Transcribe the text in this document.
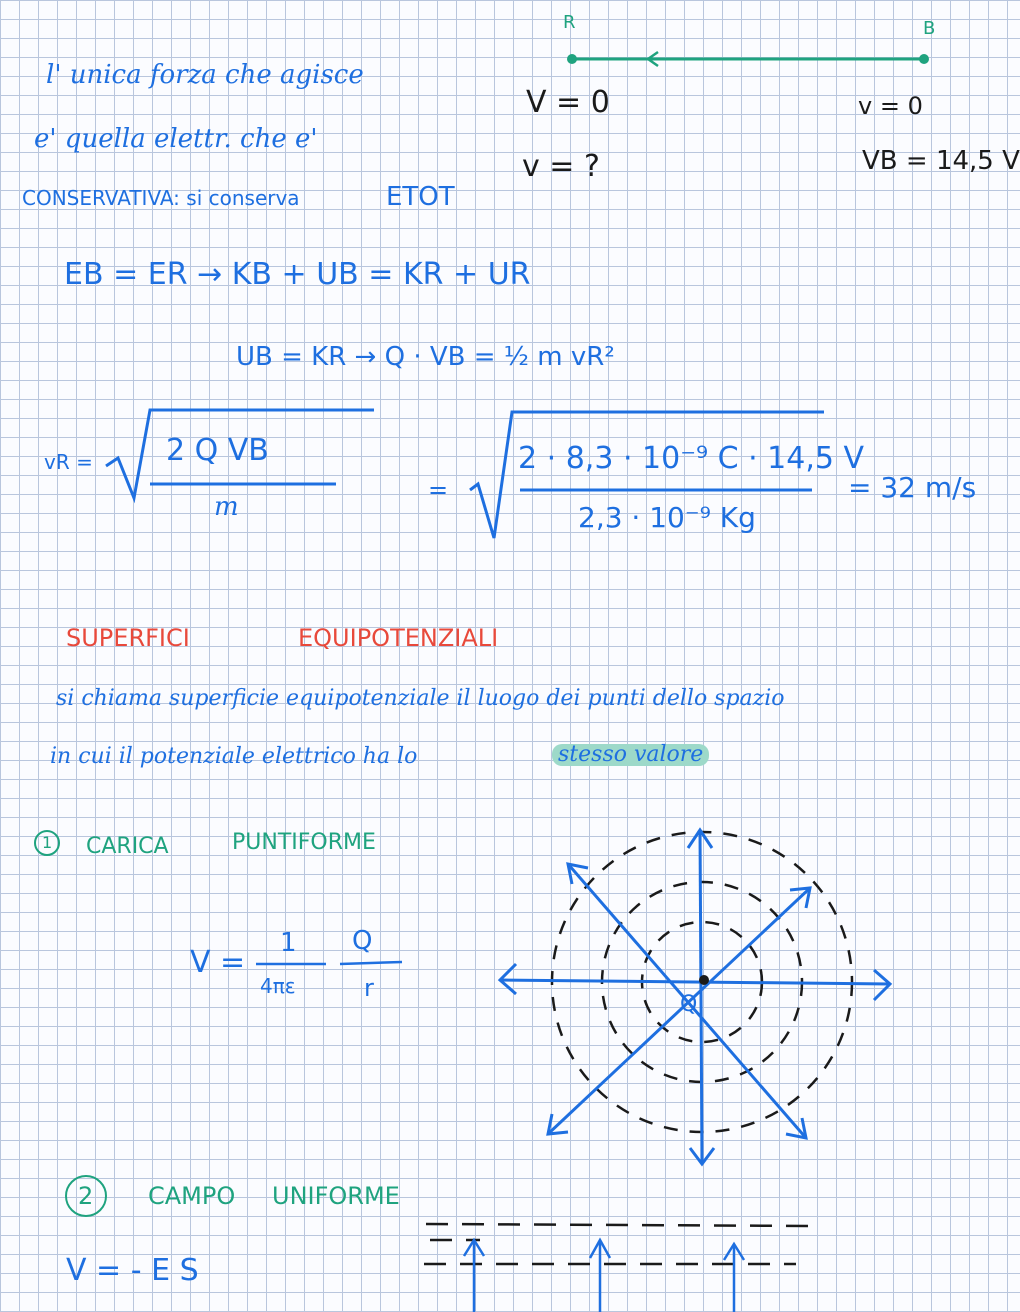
l' unica forza che agisce
e' quella elettr. che e'
CONSERVATIVA: si conserva	ETOT
R	B
V = 0
v = ?
v = 0
VB = 14,5 V
EB = ER → KB + UB = KR + UR
UB = KR → Q · VB = ½ m vR²
vR = 2 Q VB
m
=
2 · 8,3 · 10⁻⁹ C · 14,5 V
2,3 · 10⁻⁹ Kg
= 32 m/s
SUPERFICI	EQUIPOTENZIALI
si chiama superficie equipotenziale il luogo dei punti dello spazio
in cui il potenziale elettrico ha lo	stesso valore
1 CARICA	PUNTIFORME
V =
1
4πε
Q
r
Q
2 CAMPO UNIFORME
V = - E S
